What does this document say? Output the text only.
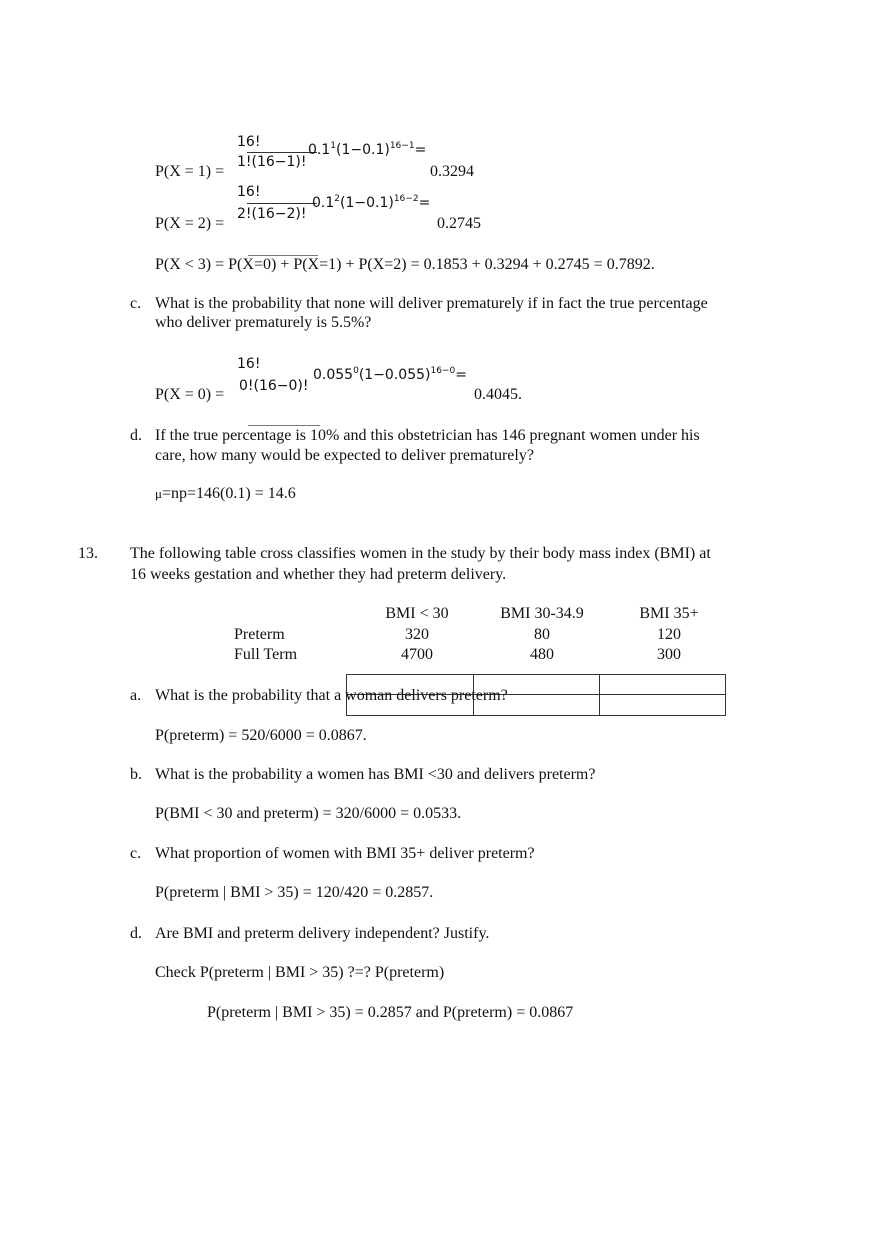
16!	$0.1^1(1-0.1)^{16-1}=$
1!(16−1)!
P(X = 1) =	0.3294
16!
$0.1^2(1-0.1)^{16-2}=$
2!(16−2)!
P(X = 2) =	0.2745
P(X < 3) = P(X=0) + P(X=1) + P(X=2) = 0.1853 + 0.3294 + 0.2745 = 0.7892.
c. What is the probability that none will deliver prematurely if in fact the true percentage
who deliver prematurely is 5.5%?
16!
$0.055^0(1-0.055)^{16-0}=$
0!(16−0)!
P(X = 0) =	0.4045.
d. If the true percentage is 10% and this obstetrician has 146 pregnant women under his
care, how many would be expected to deliver prematurely?
μ=np=146(0.1) = 14.6
13. The following table cross classifies women in the study by their body mass index (BMI) at
16 weeks gestation and whether they had preterm delivery.
BMI < 30	BMI 30-34.9	BMI 35+
Preterm	320	80	120
Full Term	4700	480	300
a. What is the probability that a woman delivers preterm?
P(preterm) = 520/6000 = 0.0867.
b. What is the probability a women has BMI <30 and delivers preterm?
P(BMI < 30 and preterm) = 320/6000 = 0.0533.
c. What proportion of women with BMI 35+ deliver preterm?
P(preterm | BMI > 35) = 120/420 = 0.2857.
d. Are BMI and preterm delivery independent? Justify.
Check P(preterm | BMI > 35) ?=? P(preterm)
P(preterm | BMI > 35) = 0.2857 and P(preterm) = 0.0867
